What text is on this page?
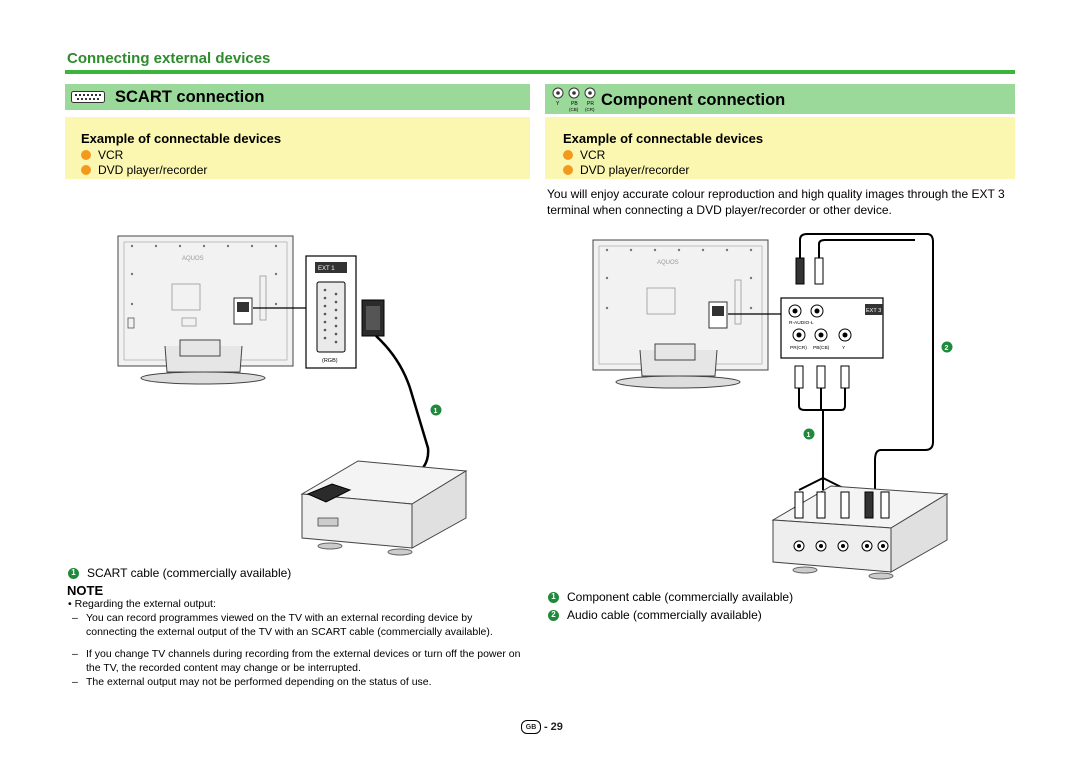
Connecting external devices
SCART connection
Example of connectable devices
VCR
DVD player/recorder
Y PB PR
(CB) (CR)
Component connection
Example of connectable devices
VCR
DVD player/recorder
You will enjoy accurate colour reproduction and high quality images through the EXT 3 terminal when connecting a DVD player/recorder or other device.
AQUOS
EXT 1
(RGB)
1
AQUOS
EXT 3
R-AUDIO-L
PR(CR) PB(CB)	Y
1
2
1 SCART cable (commercially available)
NOTE
• Regarding the external output:
– You can record programmes viewed on the TV with an external recording device by connecting the external output of the TV with an SCART cable (commercially available).
– If you change TV channels during recording from the external devices or turn off the power on the TV, the recorded content may change or be interrupted.
– The external output may not be performed depending on the status of use.
1 Component cable (commercially available)
2 Audio cable (commercially available)
GB - 29
